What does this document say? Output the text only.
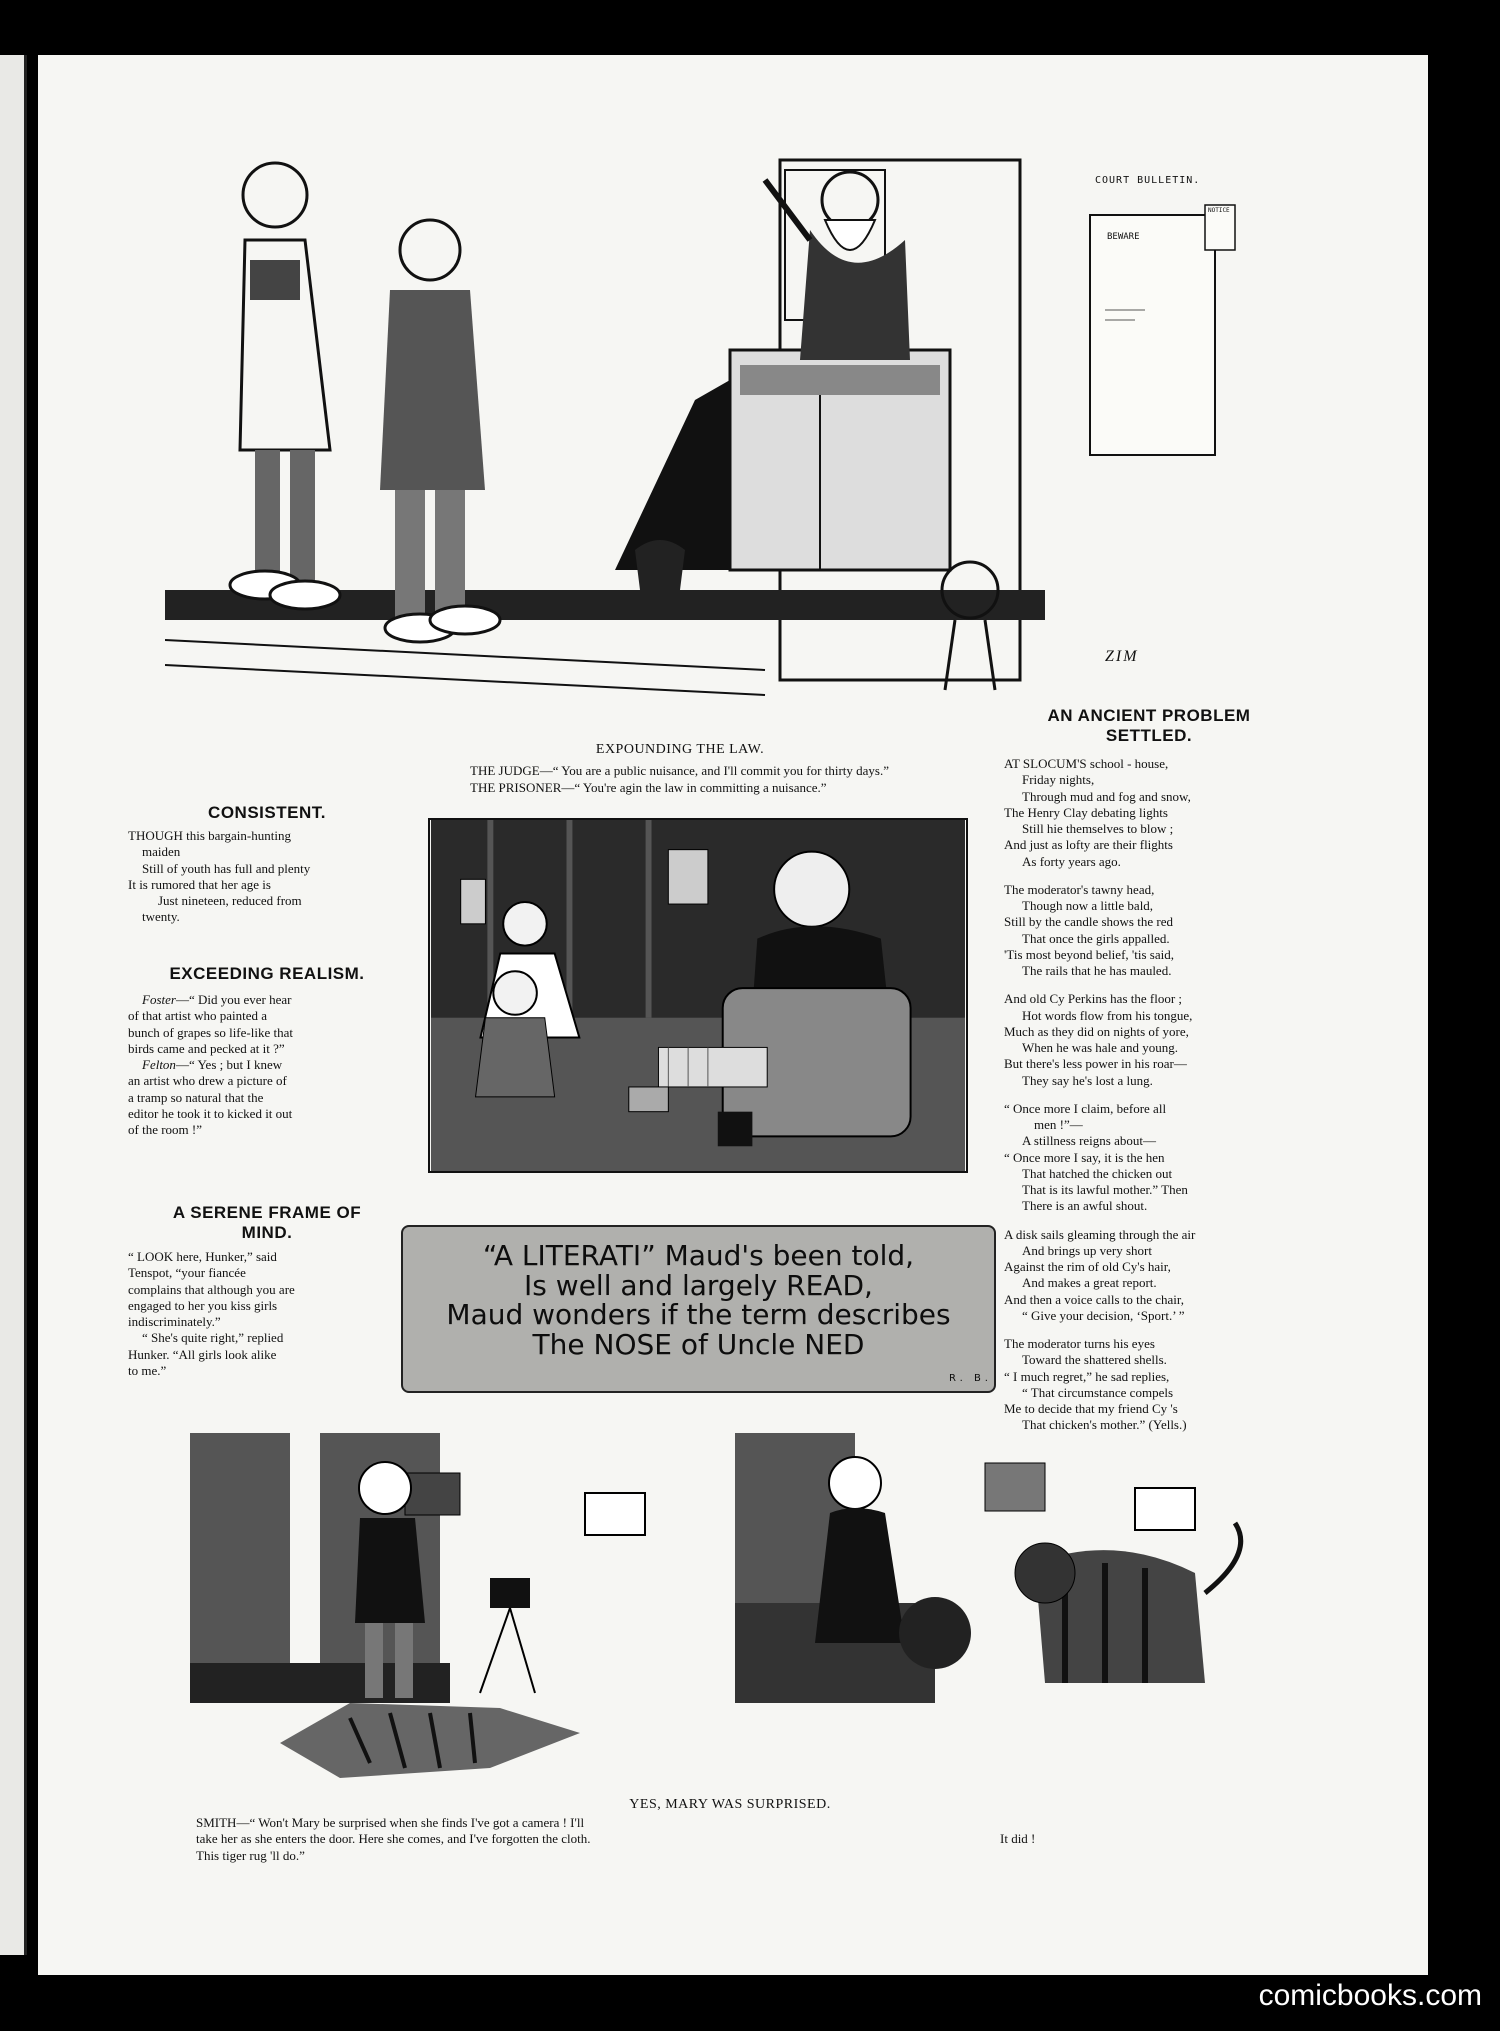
COURT BULLETIN.
BEWARE
NOTICE
ZIM
EXPOUNDING THE LAW.
THE JUDGE—“ You are a public nuisance, and I'll commit you for thirty days.”
THE PRISONER—“ You're agin the law in committing a nuisance.”
CONSISTENT.

THOUGH this bargain-hunting

maiden

Still of youth has full and plenty

It is rumored that her age is

Just nineteen, reduced from

twenty.

EXCEEDING REALISM.

Foster—“ Did you ever hear

of that artist who painted a

bunch of grapes so life-like that

birds came and pecked at it ?”

Felton—“ Yes ; but I knew

an artist who drew a picture of

a tramp so natural that the

editor he took it to kicked it out

of the room !”

A SERENE FRAME OF
MIND.

“ LOOK here, Hunker,” said

Tenspot, “your fiancée

complains that although you are

engaged to her you kiss girls

indiscriminately.”

“ She's quite right,” replied

Hunker. “All girls look alike

to me.”

“A LITERATI” Maud's been told,
Is well and largely READ,
Maud wonders if the term describes
The NOSE of Uncle NED
R. B.
AN ANCIENT PROBLEM
SETTLED.

AT SLOCUM'S school - house,

Friday nights,

Through mud and fog and snow,

The Henry Clay debating lights

Still hie themselves to blow ;

And just as lofty are their flights

As forty years ago.

The moderator's tawny head,

Though now a little bald,

Still by the candle shows the red

That once the girls appalled.

'Tis most beyond belief, 'tis said,

The rails that he has mauled.

And old Cy Perkins has the floor ;

Hot words flow from his tongue,

Much as they did on nights of yore,

When he was hale and young.

But there's less power in his roar—

They say he's lost a lung.

“ Once more I claim, before all

men !”—

A stillness reigns about—

“ Once more I say, it is the hen

That hatched the chicken out

That is its lawful mother.” Then

There is an awful shout.

A disk sails gleaming through the air

And brings up very short

Against the rim of old Cy's hair,

And makes a great report.

And then a voice calls to the chair,

“ Give your decision, ‘Sport.’ ”

The moderator turns his eyes

Toward the shattered shells.

“ I much regret,” he sad replies,

“ That circumstance compels

Me to decide that my friend Cy 's

That chicken's mother.” (Yells.)

YES, MARY WAS SURPRISED.

SMITH—“ Won't Mary be surprised when she finds I've got a camera ! I'll

take her as she enters the door. Here she comes, and I've forgotten the cloth.

This tiger rug 'll do.”

It did !
comicbooks.com
